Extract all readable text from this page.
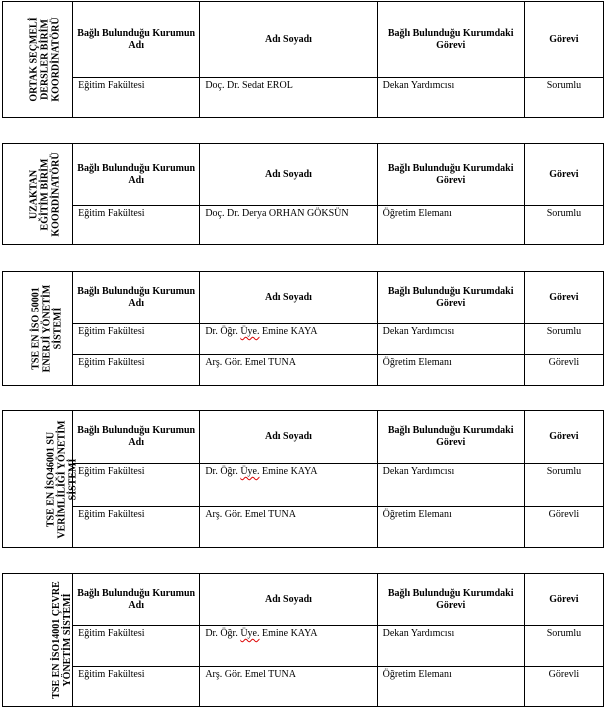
ORTAK SEÇMELİ
DERSLER BİRİM
KOORDİNATÖRÜ	Bağlı Bulunduğu Kurumun Adı	Adı Soyadı	Bağlı Bulunduğu Kurumdaki Görevi	Görevi
	Eğitim Fakültesi	Doç. Dr. Sedat EROL	Dekan Yardımcısı	Sorumlu
UZAKTAN
EĞİTİM BİRİM
KOORDİNATÖRÜ	Bağlı Bulunduğu Kurumun Adı	Adı Soyadı	Bağlı Bulunduğu Kurumdaki Görevi	Görevi
	Eğitim Fakültesi	Doç. Dr. Derya ORHAN GÖKSÜN	Öğretim Elemanı	Sorumlu
TSE EN İSO 50001
ENERJİ YÖNETİM
SİSTEMİ	Bağlı Bulunduğu Kurumun Adı	Adı Soyadı	Bağlı Bulunduğu Kurumdaki Görevi	Görevi
	Eğitim Fakültesi	Dr. Öğr. Üye. Emine KAYA	Dekan Yardımcısı	Sorumlu
	Eğitim Fakültesi	Arş. Gör. Emel TUNA	Öğretim Elemanı	Görevli
TSE EN İSO46001 SU
VERİMLİLİĞİ YÖNETİM
SİSTEMİ	Bağlı Bulunduğu Kurumun Adı	Adı Soyadı	Bağlı Bulunduğu Kurumdaki Görevi	Görevi
	Eğitim Fakültesi	Dr. Öğr. Üye. Emine KAYA	Dekan Yardımcısı	Sorumlu
	Eğitim Fakültesi	Arş. Gör. Emel TUNA	Öğretim Elemanı	Görevli
TSE EN İSO14001 ÇEVRE
YÖNETİM SİSTEMİ	Bağlı Bulunduğu Kurumun Adı	Adı Soyadı	Bağlı Bulunduğu Kurumdaki Görevi	Görevi
	Eğitim Fakültesi	Dr. Öğr. Üye. Emine KAYA	Dekan Yardımcısı	Sorumlu
	Eğitim Fakültesi	Arş. Gör. Emel TUNA	Öğretim Elemanı	Görevli
